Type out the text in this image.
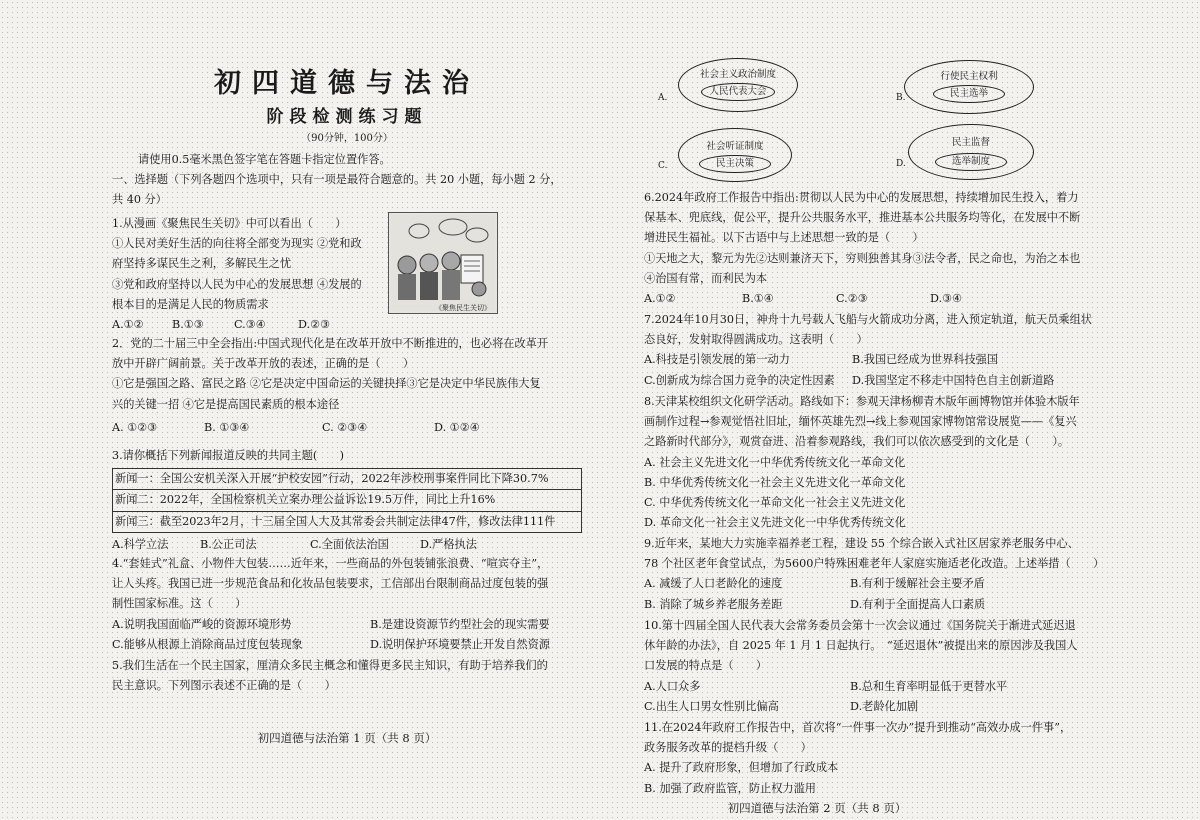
初四道德与法治
阶段检测练习题
（90分钟，100分）
请使用0.5毫米黑色签字笔在答题卡指定位置作答。
一、选择题（下列各题四个选项中，只有一项是最符合题意的。共 20 小题，每小题 2 分，
共 40 分）
1.从漫画《聚焦民生关切》中可以看出（　　）
①人民对美好生活的向往将全部变为现实 ②党和政
府坚持多谋民生之利，多解民生之忧
③党和政府坚持以人民为中心的发展思想 ④发展的
根本目的是满足人民的物质需求
A.①②	B.①③	C.③④	D.②③
《聚焦民生关切》
2．党的二十届三中全会指出:中国式现代化是在改革开放中不断推进的，也必将在改革开
放中开辟广阔前景。关于改革开放的表述，正确的是（　　）
①它是强国之路、富民之路 ②它是决定中国命运的关键抉择③它是决定中华民族伟大复
兴的关键一招 ④它是提高国民素质的根本途径
A. ①②③	B. ①③④	C. ②③④	D. ①②④
3.请你概括下列新闻报道反映的共同主题(　　)
新闻一：全国公安机关深入开展“护校安园”行动，2022年涉校刑事案件同比下降30.7%
新闻二：2022年，全国检察机关立案办理公益诉讼19.5万件，同比上升16%
新闻三：截至2023年2月，十三届全国人大及其常委会共制定法律47件，修改法律111件
A.科学立法	B.公正司法	C.全面依法治国	D.严格执法
4.“套娃式”礼盒、小物件大包装……近年来，一些商品的外包装铺张浪费、“喧宾夺主”，
让人头疼。我国已进一步规范食品和化妆品包装要求，工信部出台限制商品过度包装的强
制性国家标准。这（　　）
A.说明我国面临严峻的资源环境形势	B.是建设资源节约型社会的现实需要
C.能够从根源上消除商品过度包装现象	D.说明保护环境要禁止开发自然资源
5.我们生活在一个民主国家，厘清众多民主概念和懂得更多民主知识，有助于培养我们的
民主意识。下列图示表述不正确的是（　　）
初四道德与法治第 1 页（共 8 页）
A.
社会主义政治制度
人民代表大会
B.
行使民主权利
民主选举
C.
社会听证制度
民主决策	D.
民主监督
选举制度
6.2024年政府工作报告中指出:贯彻以人民为中心的发展思想，持续增加民生投入，着力
保基本、兜底线，促公平，提升公共服务水平，推进基本公共服务均等化，在发展中不断
增进民生福祉。以下古语中与上述思想一致的是（　　）
①天地之大，黎元为先②达则兼济天下，穷则独善其身③法令者，民之命也，为治之本也
④治国有常，而利民为本
A.①②	B.①④	C.②③	D.③④
7.2024年10月30日，神舟十九号载人飞船与火箭成功分离，进入预定轨道，航天员乘组状
态良好，发射取得圆满成功。这表明（　　）
A.科技是引领发展的第一动力	B.我国已经成为世界科技强国
C.创新成为综合国力竞争的决定性因素	D.我国坚定不移走中国特色自主创新道路
8.天津某校组织文化研学活动。路线如下：参观天津杨柳青木版年画博物馆并体验木版年
画制作过程→参观觉悟社旧址，缅怀英雄先烈→线上参观国家博物馆常设展览——《复兴
之路新时代部分》，观赏奋进、沿着参观路线，我们可以依次感受到的文化是（　　）。
A. 社会主义先进文化一中华优秀传统文化一革命文化
B. 中华优秀传统文化一社会主义先进文化一革命文化
C. 中华优秀传统文化一革命文化一社会主义先进文化
D. 革命文化一社会主义先进文化一中华优秀传统文化
9.近年来，某地大力实施幸福养老工程，建设 55 个综合嵌入式社区居家养老服务中心、
78 个社区老年食堂试点，为5600户特殊困难老年人家庭实施适老化改造。上述举措（　　）
A. 减缓了人口老龄化的速度	B.有利于缓解社会主要矛盾
B. 消除了城乡养老服务差距	D.有利于全面提高人口素质
10.第十四届全国人民代表大会常务委员会第十一次会议通过《国务院关于渐进式延迟退
休年龄的办法》，自 2025 年 1 月 1 日起执行。　“延迟退休”被提出来的原因涉及我国人
口发展的特点是（　　）
A.人口众多	B.总和生育率明显低于更替水平
C.出生人口男女性别比偏高	D.老龄化加剧
11.在2024年政府工作报告中，首次将“一件事一次办”提升到推动“高效办成一件事”，
政务服务改革的提档升级（　　）
A. 提升了政府形象，但增加了行政成本
B. 加强了政府监管，防止权力滥用
初四道德与法治第 2 页（共 8 页）
